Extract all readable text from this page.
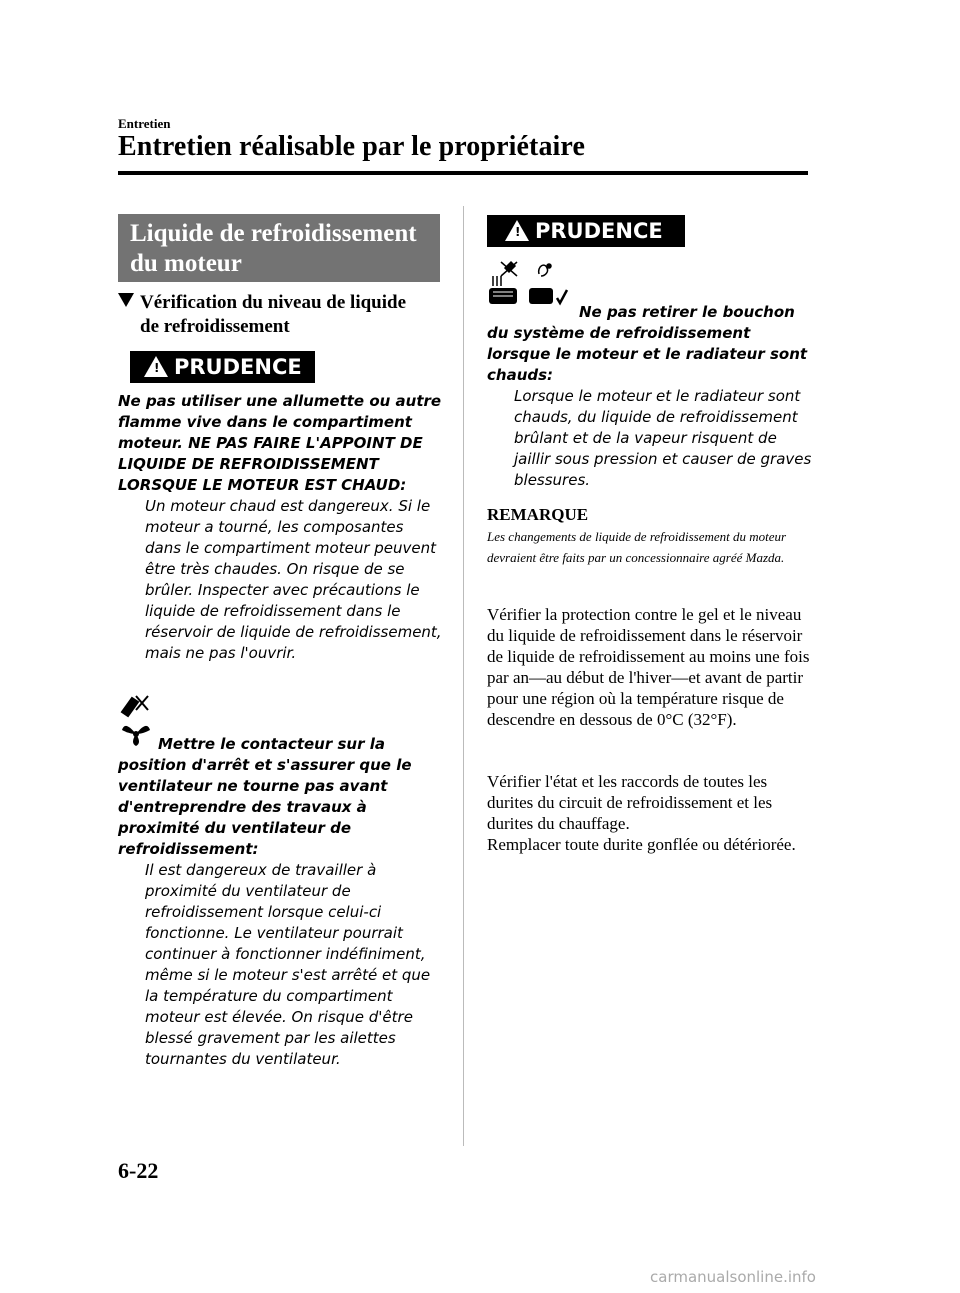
Entretien
Entretien réalisable par le propriétaire
Liquide de refroidissement
du moteur
Vérification du niveau de liquide
de refroidissement
! PRUDENCE
Ne pas utiliser une allumette ou autre flamme vive dans le compartiment moteur. NE PAS FAIRE L'APPOINT DE LIQUIDE DE REFROIDISSEMENT LORSQUE LE MOTEUR EST CHAUD:
Un moteur chaud est dangereux. Si le moteur a tourné, les composantes dans le compartiment moteur peuvent être très chaudes. On risque de se brûler. Inspecter avec précautions le liquide de refroidissement dans le réservoir de liquide de refroidissement, mais ne pas l'ouvrir.
Mettre le contacteur sur la position d'arrêt et s'assurer que le ventilateur ne tourne pas avant d'entreprendre des travaux à proximité du ventilateur de refroidissement:
Il est dangereux de travailler à proximité du ventilateur de refroidissement lorsque celui-ci fonctionne. Le ventilateur pourrait continuer à fonctionner indéfiniment, même si le moteur s'est arrêté et que la température du compartiment moteur est élevée. On risque d'être blessé gravement par les ailettes tournantes du ventilateur.
! PRUDENCE
Ne pas retirer le bouchon du système de refroidissement lorsque le moteur et le radiateur sont chauds:
Lorsque le moteur et le radiateur sont chauds, du liquide de refroidissement brûlant et de la vapeur risquent de jaillir sous pression et causer de graves blessures.
REMARQUE
Les changements de liquide de refroidissement du moteur devraient être faits par un concessionnaire agréé Mazda.
Vérifier la protection contre le gel et le niveau du liquide de refroidissement dans le réservoir de liquide de refroidissement au moins une fois par an―au début de l'hiver―et avant de partir pour une région où la température risque de descendre en dessous de 0°C (32°F).
Vérifier l'état et les raccords de toutes les durites du circuit de refroidissement et les durites du chauffage.
Remplacer toute durite gonflée ou détériorée.
6-22
carmanualsonline.info
